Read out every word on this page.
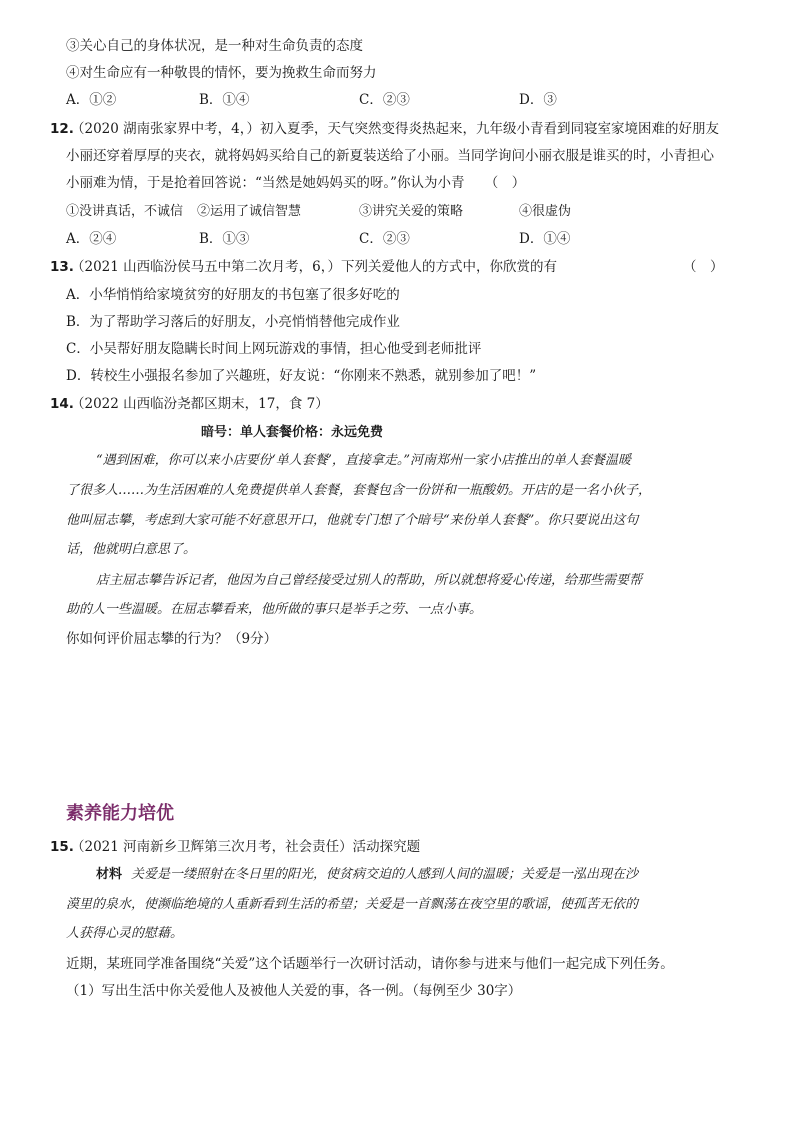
③关心自己的身体状况，是一种对生命负责的态度
④对生命应有一种敬畏的情怀，要为挽救生命而努力
A．①②	B．①④	C．②③	D．③
12.
（2020 湖南张家界中考，4，）初入夏季，天气突然变得炎热起来，九年级小青看到同寝室家境困难的好朋友
小丽还穿着厚厚的夹衣，就将妈妈买给自己的新夏装送给了小丽。当同学询问小丽衣服是谁买的时，小青担心
小丽难为情，于是抢着回答说：“当然是她妈妈买的呀。”你认为小青　　（　）
①没讲真话，不诚信 ②运用了诚信智慧	③讲究关爱的策略	④很虚伪
A．②④	B．①③	C．②③	D．①④
13.
（2021 山西临汾侯马五中第二次月考，6，）下列关爱他人的方式中，你欣赏的有	（　）
A．小华悄悄给家境贫穷的好朋友的书包塞了很多好吃的
B．为了帮助学习落后的好朋友，小亮悄悄替他完成作业
C．小吴帮好朋友隐瞒长时间上网玩游戏的事情，担心他受到老师批评
D．转校生小强报名参加了兴趣班，好友说：“你刚来不熟悉，就别参加了吧！”
14.
（2022 山西临汾尧都区期末，17，食 7）
暗号：单人套餐价格：永远免费
“遇到困难，你可以来小店要份‘单人套餐’，直接拿走。”河南郑州一家小店推出的单人套餐温暖
了很多人……为生活困难的人免费提供单人套餐，套餐包含一份饼和一瓶酸奶。开店的是一名小伙子，
他叫屈志攀，考虑到大家可能不好意思开口，他就专门想了个暗号“来份单人套餐”。你只要说出这句
话，他就明白意思了。
店主屈志攀告诉记者，他因为自己曾经接受过别人的帮助，所以就想将爱心传递，给那些需要帮
助的人一些温暖。在屈志攀看来，他所做的事只是举手之劳、一点小事。
你如何评价屈志攀的行为？（9分）
素养能力培优
15.
（2021 河南新乡卫辉第三次月考，社会责任）活动探究题
材料 关爱是一缕照射在冬日里的阳光，使贫病交迫的人感到人间的温暖；关爱是一泓出现在沙
漠里的泉水，使濒临绝境的人重新看到生活的希望；关爱是一首飘荡在夜空里的歌谣，使孤苦无依的
人获得心灵的慰藉。
近期，某班同学准备围绕“关爱”这个话题举行一次研讨活动，请你参与进来与他们一起完成下列任务。
（1）写出生活中你关爱他人及被他人关爱的事，各一例。（每例至少 30字）
